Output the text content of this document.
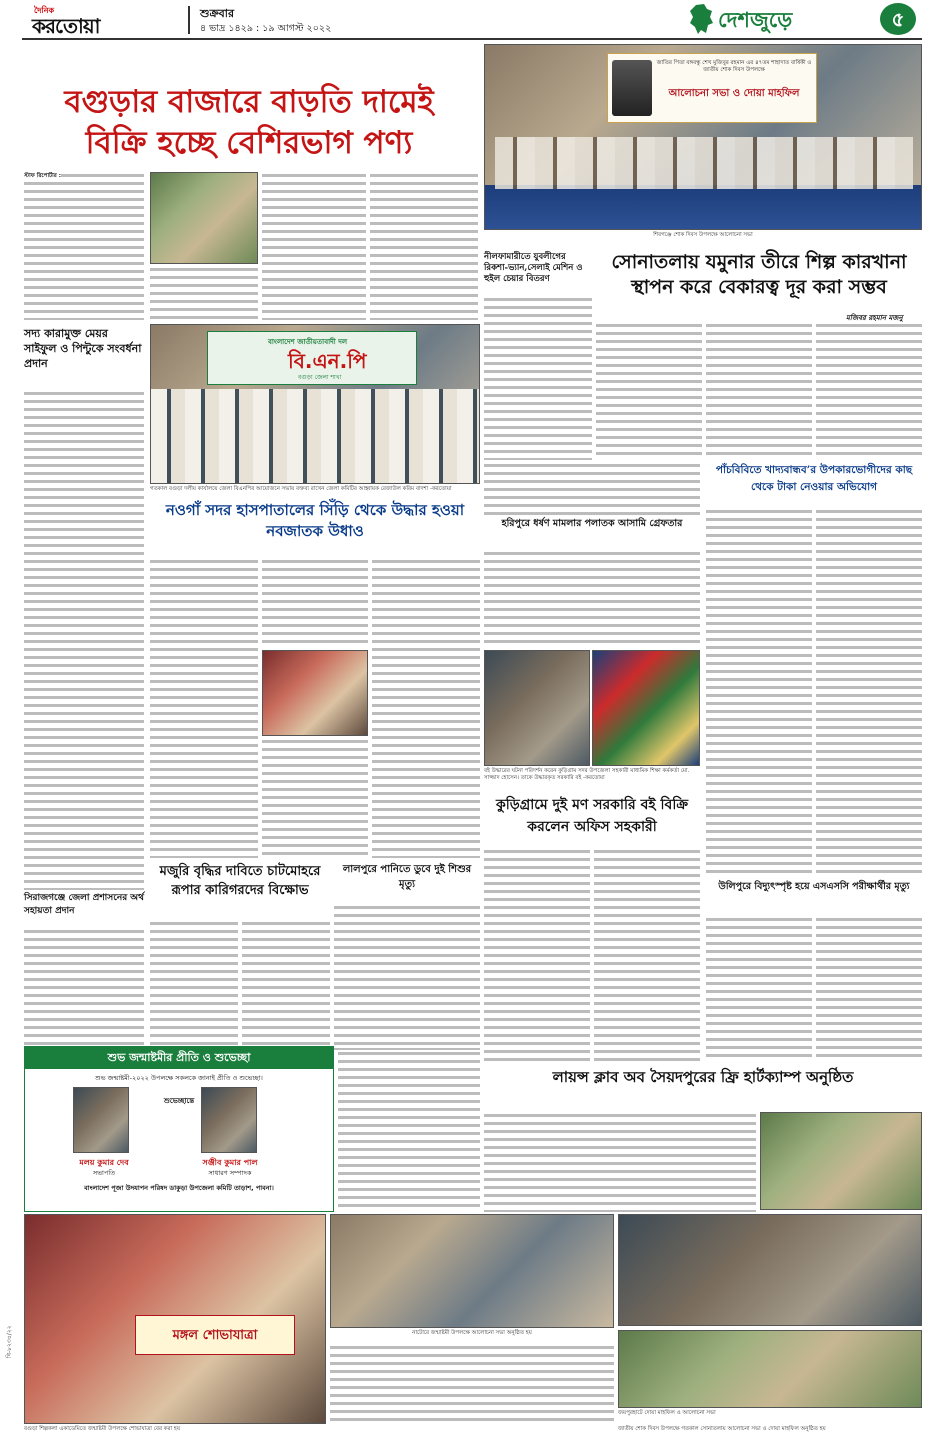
দৈনিক
করতোয়া
শুক্রবার
৪ ভাদ্র ১৪২৯ : ১৯ আগস্ট ২০২২	দেশজুড়ে	৫
বগুড়ার বাজারে বাড়তি দামেই
বিক্রি হচ্ছে বেশিরভাগ পণ্য
স্টাফ রিপোর্টার :
জাতির পিতা বঙ্গবন্ধু শেখ মুজিবুর রহমান এর ৪৭তম শাহাদাত বার্ষিকী ও জাতীয় শোক দিবস উপলক্ষে
আলোচনা সভা ও দোয়া মাহফিল
শিবগঞ্জে শোক দিবস উপলক্ষে আলোচনা সভা
নীলফামারীতে যুবলীগের রিকশা-ভ্যান,সেলাই মেশিন ও হুইল চেয়ার বিতরণ
সোনাতলায় যমুনার তীরে শিল্প কারখানা স্থাপন করে বেকারত্ব দূর করা সম্ভব
মজিবর রহমান মজনু
সদ্য কারামুক্ত মেয়র সাইফুল ও পিন্টুকে সংবর্ধনা প্রদান
বাংলাদেশ জাতীয়তাবাদী দল
বি.এন.পি
বগুড়া জেলা শাখা
গতকাল বগুড়া দলীয় কার্যালয়ে জেলা বিএনপির আয়োজনে সভায় বক্তব্য রাখেন জেলা কমিটির আহ্বায়ক রেজাউল করিম বাদশা -করতোয়া
হরিপুরে ধর্ষণ মামলার পলাতক আসামি গ্রেফতার
পাঁচবিবিতে খাদ্যবান্ধব’র উপকারভোগীদের কাছ থেকে টাকা নেওয়ার অভিযোগ
নওগাঁ সদর হাসপাতালের সিঁড়ি থেকে উদ্ধার হওয়া নবজাতক উধাও
বই উদ্ধারের ঘটনা পরিদর্শন করেন কুড়িগ্রাম সদর উপজেলা সহকারী মাধ্যমিক শিক্ষা কর্মকর্তা মো. সাজ্জাদ হোসেন। তাকে উদ্ধারকৃত সরকারি বই -করতোয়া
কুড়িগ্রামে দুই মণ সরকারি বই বিক্রি করলেন অফিস সহকারী
উলিপুরে বিদ্যুৎস্পৃষ্ট হয়ে এসএসসি পরীক্ষার্থীর মৃত্যু
সিরাজগঞ্জে জেলা প্রশাসনের অর্থ সহায়তা প্রদান
মজুরি বৃদ্ধির দাবিতে চাটমোহরে রূপার কারিগরদের বিক্ষোভ
লালপুরে পানিতে ডুবে দুই শিশুর মৃত্যু
শুভ জন্মাষ্টমীর প্রীতি ও শুভেচ্ছা
শুভ জন্মাষ্টমী-২০২২ উপলক্ষে সকলকে জানাই প্রীতি ও শুভেচ্ছা।
শুভেচ্ছান্তে
মলয় কুমার দেব
সভাপতি
সঞ্জীব কুমার পাল
সাধারণ সম্পাদক
বাংলাদেশ পূজা উদযাপন পরিষদ ডাকুড়া উপজেলা কমিটি তাড়াশ, পাবনা।
লায়ন্স ক্লাব অব সৈয়দপুরের ফ্রি হার্টক্যাম্প অনুষ্ঠিত
মঙ্গল শোভাযাত্রা	নাটোরে জন্মাষ্টমী উপলক্ষে আলোচনা সভা অনুষ্ঠিত হয়
বগুড়া শিল্পকলা একাডেমিতে জন্মাষ্টমী উপলক্ষে শোভাযাত্রা বের করা হয়
জয়পুরহাটে দোয়া মাহফিল ও আলোচনা সভা
জাতীয় শোক দিবস উপলক্ষে গতকাল সোনাতলায় আলোচনা সভা ও দোয়া মাহফিল অনুষ্ঠিত হয়
বি-৮২৩৪/২২
